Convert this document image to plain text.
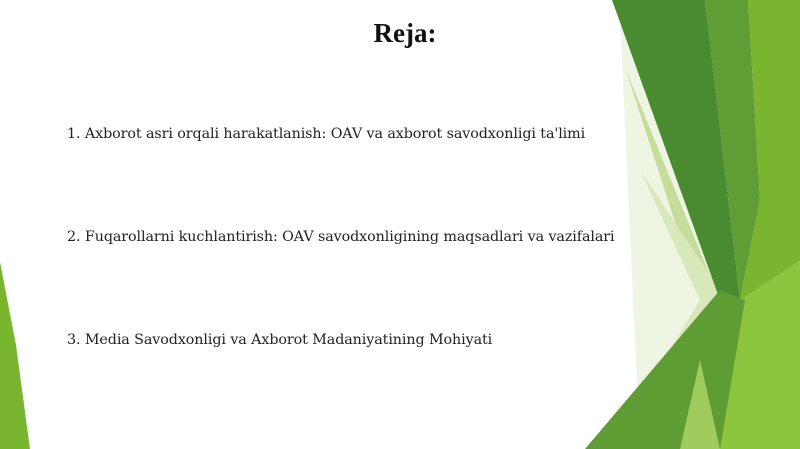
Reja:

1. Axborot asri orqali harakatlanish: OAV va axborot savodxonligi ta'limi

2. Fuqarollarni kuchlantirish: OAV savodxonligining maqsadlari va vazifalari

3. Media Savodxonligi va Axborot Madaniyatining Mohiyati
